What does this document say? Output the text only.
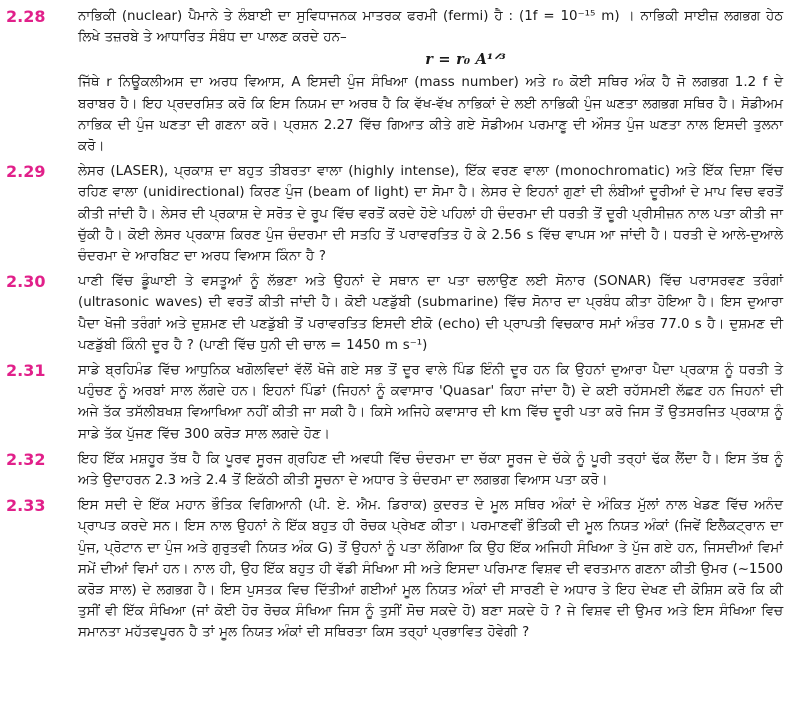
2.28	ਨਾਭਿਕੀ (nuclear) ਪੈਮਾਨੇ ਤੇ ਲੰਬਾਈ ਦਾ ਸੁਵਿਧਾਜਨਕ ਮਾਤਰਕ ਫਰਮੀ (fermi) ਹੈ : (1f = 10⁻¹⁵ m) । ਨਾਭਿਕੀ ਸਾਈਜ਼ ਲਗਭਗ ਹੇਠ ਲਿਖੇ ਤਜ਼ਰਬੇ ਤੇ ਆਧਾਰਿਤ ਸੰਬੰਧ ਦਾ ਪਾਲਣ ਕਰਦੇ ਹਨ–
r = r₀ A¹ᐟ³
ਜਿੱਥੇ r ਨਿਊਕਲੀਅਸ ਦਾ ਅਰਧ ਵਿਆਸ, A ਇਸਦੀ ਪੁੰਜ ਸੰਖਿਆ (mass number) ਅਤੇ r₀ ਕੋਈ ਸਥਿਰ ਅੰਕ ਹੈ ਜੋ ਲਗਭਗ 1.2 f ਦੇ ਬਰਾਬਰ ਹੈ। ਇਹ ਪ੍ਰਦਰਸ਼ਿਤ ਕਰੋ ਕਿ ਇਸ ਨਿਯਮ ਦਾ ਅਰਥ ਹੈ ਕਿ ਵੱਖ-ਵੱਖ ਨਾਭਿਕਾਂ ਦੇ ਲਈ ਨਾਭਿਕੀ ਪੁੰਜ ਘਣਤਾ ਲਗਭਗ ਸਥਿਰ ਹੈ। ਸੋਡੀਅਮ ਨਾਭਿਕ ਦੀ ਪੁੰਜ ਘਣਤਾ ਦੀ ਗਣਨਾ ਕਰੋ। ਪ੍ਰਸ਼ਨ 2.27 ਵਿੱਚ ਗਿਆਤ ਕੀਤੇ ਗਏ ਸੋਡੀਅਮ ਪਰਮਾਣੂ ਦੀ ਔਸਤ ਪੁੰਜ ਘਣਤਾ ਨਾਲ ਇਸਦੀ ਤੁਲਨਾ ਕਰੋ।
2.29	ਲੇਸਰ (LASER), ਪ੍ਰਕਾਸ਼ ਦਾ ਬਹੁਤ ਤੀਬਰਤਾ ਵਾਲਾ (highly intense), ਇੱਕ ਵਰਣ ਵਾਲਾ (monochromatic) ਅਤੇ ਇੱਕ ਦਿਸ਼ਾ ਵਿੱਚ ਰਹਿਣ ਵਾਲਾ (unidirectional) ਕਿਰਣ ਪੁੰਜ (beam of light) ਦਾ ਸੋਮਾ ਹੈ। ਲੇਸਰ ਦੇ ਇਹਨਾਂ ਗੁਣਾਂ ਦੀ ਲੰਬੀਆਂ ਦੂਰੀਆਂ ਦੇ ਮਾਪ ਵਿਚ ਵਰਤੋਂ ਕੀਤੀ ਜਾਂਦੀ ਹੈ। ਲੇਸਰ ਦੀ ਪ੍ਰਕਾਸ਼ ਦੇ ਸਰੋਤ ਦੇ ਰੂਪ ਵਿੱਚ ਵਰਤੋਂ ਕਰਦੇ ਹੋਏ ਪਹਿਲਾਂ ਹੀ ਚੰਦਰਮਾ ਦੀ ਧਰਤੀ ਤੋਂ ਦੂਰੀ ਪ੍ਰੀਸੀਜ਼ਨ ਨਾਲ ਪਤਾ ਕੀਤੀ ਜਾ ਚੁੱਕੀ ਹੈ। ਕੋਈ ਲੇਸਰ ਪ੍ਰਕਾਸ਼ ਕਿਰਣ ਪੁੰਜ ਚੰਦਰਮਾ ਦੀ ਸਤਹਿ ਤੋਂ ਪਰਾਵਰਤਿਤ ਹੋ ਕੇ 2.56 s ਵਿੱਚ ਵਾਪਸ ਆ ਜਾਂਦੀ ਹੈ। ਧਰਤੀ ਦੇ ਆਲੇ-ਦੁਆਲੇ ਚੰਦਰਮਾ ਦੇ ਆਰਬਿਟ ਦਾ ਅਰਧ ਵਿਆਸ ਕਿੰਨਾ ਹੈ ?
2.30	ਪਾਣੀ ਵਿੱਚ ਡੂੰਘਾਈ ਤੇ ਵਸਤੂਆਂ ਨੂੰ ਲੱਭਣਾ ਅਤੇ ਉਹਨਾਂ ਦੇ ਸਥਾਨ ਦਾ ਪਤਾ ਚਲਾਉਣ ਲਈ ਸੋਨਾਰ (SONAR) ਵਿੱਚ ਪਰਾਸਰਵਣ ਤਰੰਗਾਂ (ultrasonic waves) ਦੀ ਵਰਤੋਂ ਕੀਤੀ ਜਾਂਦੀ ਹੈ। ਕੋਈ ਪਣਡੁੱਬੀ (submarine) ਵਿੱਚ ਸੋਨਾਰ ਦਾ ਪ੍ਰਬੰਧ ਕੀਤਾ ਹੋਇਆ ਹੈ। ਇਸ ਦੁਆਰਾ ਪੈਦਾ ਖੋਜੀ ਤਰੰਗਾਂ ਅਤੇ ਦੁਸ਼ਮਣ ਦੀ ਪਣਡੁੱਬੀ ਤੋਂ ਪਰਾਵਰਤਿਤ ਇਸਦੀ ਈਕੋ (echo) ਦੀ ਪ੍ਰਾਪਤੀ ਵਿਚਕਾਰ ਸਮਾਂ ਅੰਤਰ 77.0 s ਹੈ। ਦੁਸ਼ਮਣ ਦੀ ਪਣਡੁੱਬੀ ਕਿੰਨੀ ਦੂਰ ਹੈ ? (ਪਾਣੀ ਵਿੱਚ ਧੁਨੀ ਦੀ ਚਾਲ = 1450 m s⁻¹)
2.31	ਸਾਡੇ ਬ੍ਰਹਿਮੰਡ ਵਿੱਚ ਆਧੁਨਿਕ ਖਗੋਲਵਿਦਾਂ ਵੱਲੋਂ ਖੋਜੇ ਗਏ ਸਭ ਤੋਂ ਦੂਰ ਵਾਲੇ ਪਿੰਡ ਇੰਨੀ ਦੂਰ ਹਨ ਕਿ ਉਹਨਾਂ ਦੁਆਰਾ ਪੈਦਾ ਪ੍ਰਕਾਸ਼ ਨੂੰ ਧਰਤੀ ਤੇ ਪਹੁੰਚਣ ਨੂੰ ਅਰਬਾਂ ਸਾਲ ਲੱਗਦੇ ਹਨ। ਇਹਨਾਂ ਪਿੰਡਾਂ (ਜਿਹਨਾਂ ਨੂੰ ਕਵਾਸਾਰ 'Quasar' ਕਿਹਾ ਜਾਂਦਾ ਹੈ) ਦੇ ਕਈ ਰਹੱਸਮਈ ਲੱਛਣ ਹਨ ਜਿਹਨਾਂ ਦੀ ਅਜੇ ਤੱਕ ਤਸੱਲੀਬਖਸ਼ ਵਿਆਖਿਆ ਨਹੀਂ ਕੀਤੀ ਜਾ ਸਕੀ ਹੈ। ਕਿਸੇ ਅਜਿਹੇ ਕਵਾਸਾਰ ਦੀ km ਵਿੱਚ ਦੂਰੀ ਪਤਾ ਕਰੋ ਜਿਸ ਤੋਂ ਉਤਸਰਜਿਤ ਪ੍ਰਕਾਸ਼ ਨੂੰ ਸਾਡੇ ਤੱਕ ਪੁੱਜਣ ਵਿੱਚ 300 ਕਰੋੜ ਸਾਲ ਲਗਦੇ ਹੋਣ।
2.32	ਇਹ ਇੱਕ ਮਸ਼ਹੂਰ ਤੱਥ ਹੈ ਕਿ ਪੂਰਵ ਸੂਰਜ ਗ੍ਰਹਿਣ ਦੀ ਅਵਧੀ ਵਿੱਚ ਚੰਦਰਮਾ ਦਾ ਚੱਕਾ ਸੂਰਜ ਦੇ ਚੱਕੇ ਨੂੰ ਪੂਰੀ ਤਰ੍ਹਾਂ ਢੱਕ ਲੈਂਦਾ ਹੈ। ਇਸ ਤੱਥ ਨੂੰ ਅਤੇ ਉਦਾਹਰਨ 2.3 ਅਤੇ 2.4 ਤੋਂ ਇਕੱਠੀ ਕੀਤੀ ਸੂਚਨਾ ਦੇ ਅਧਾਰ ਤੇ ਚੰਦਰਮਾ ਦਾ ਲਗਭਗ ਵਿਆਸ ਪਤਾ ਕਰੋ।
2.33	ਇਸ ਸਦੀ ਦੇ ਇੱਕ ਮਹਾਨ ਭੌਤਿਕ ਵਿਗਿਆਨੀ (ਪੀ. ਏ. ਐਮ. ਡਿਰਾਕ) ਕੁਦਰਤ ਦੇ ਮੂਲ ਸਥਿਰ ਅੰਕਾਂ ਦੇ ਅੰਕਿਤ ਮੁੱਲਾਂ ਨਾਲ ਖੇਡਣ ਵਿੱਚ ਅਨੰਦ ਪ੍ਰਾਪਤ ਕਰਦੇ ਸਨ। ਇਸ ਨਾਲ ਉਹਨਾਂ ਨੇ ਇੱਕ ਬਹੁਤ ਹੀ ਰੋਚਕ ਪ੍ਰੇਖਣ ਕੀਤਾ। ਪਰਮਾਣਵੀਂ ਭੌਤਿਕੀ ਦੀ ਮੂਲ ਨਿਯਤ ਅੰਕਾਂ (ਜਿਵੇਂ ਇਲੈਕਟ੍ਰਾਨ ਦਾ ਪੁੰਜ, ਪ੍ਰੋਟਾਨ ਦਾ ਪੁੰਜ ਅਤੇ ਗੁਰੁਤਵੀ ਨਿਯਤ ਅੰਕ G) ਤੋਂ ਉਹਨਾਂ ਨੂੰ ਪਤਾ ਲੱਗਿਆ ਕਿ ਉਹ ਇੱਕ ਅਜਿਹੀ ਸੰਖਿਆ ਤੇ ਪੁੱਜ ਗਏ ਹਨ, ਜਿਸਦੀਆਂ ਵਿਮਾਂ ਸਮੇਂ ਦੀਆਂ ਵਿਮਾਂ ਹਨ। ਨਾਲ ਹੀ, ਉਹ ਇੱਕ ਬਹੁਤ ਹੀ ਵੱਡੀ ਸੰਖਿਆ ਸੀ ਅਤੇ ਇਸਦਾ ਪਰਿਮਾਣ ਵਿਸ਼ਵ ਦੀ ਵਰਤਮਾਨ ਗਣਨਾ ਕੀਤੀ ਉਮਰ (~1500 ਕਰੋੜ ਸਾਲ) ਦੇ ਲਗਭਗ ਹੈ। ਇਸ ਪੁਸਤਕ ਵਿਚ ਦਿੱਤੀਆਂ ਗਈਆਂ ਮੂਲ ਨਿਯਤ ਅੰਕਾਂ ਦੀ ਸਾਰਣੀ ਦੇ ਅਧਾਰ ਤੇ ਇਹ ਦੇਖਣ ਦੀ ਕੋਸ਼ਿਸ ਕਰੋ ਕਿ ਕੀ ਤੁਸੀਂ ਵੀ ਇੱਕ ਸੰਖਿਆ (ਜਾਂ ਕੋਈ ਹੋਰ ਰੋਚਕ ਸੰਖਿਆ ਜਿਸ ਨੂੰ ਤੁਸੀਂ ਸੋਚ ਸਕਦੇ ਹੋ) ਬਣਾ ਸਕਦੇ ਹੋ ? ਜੇ ਵਿਸ਼ਵ ਦੀ ਉਮਰ ਅਤੇ ਇਸ ਸੰਖਿਆ ਵਿਚ ਸਮਾਨਤਾ ਮਹੱਤਵਪੂਰਨ ਹੈ ਤਾਂ ਮੂਲ ਨਿਯਤ ਅੰਕਾਂ ਦੀ ਸਥਿਰਤਾ ਕਿਸ ਤਰ੍ਹਾਂ ਪ੍ਰਭਾਵਿਤ ਹੋਵੇਗੀ ?
